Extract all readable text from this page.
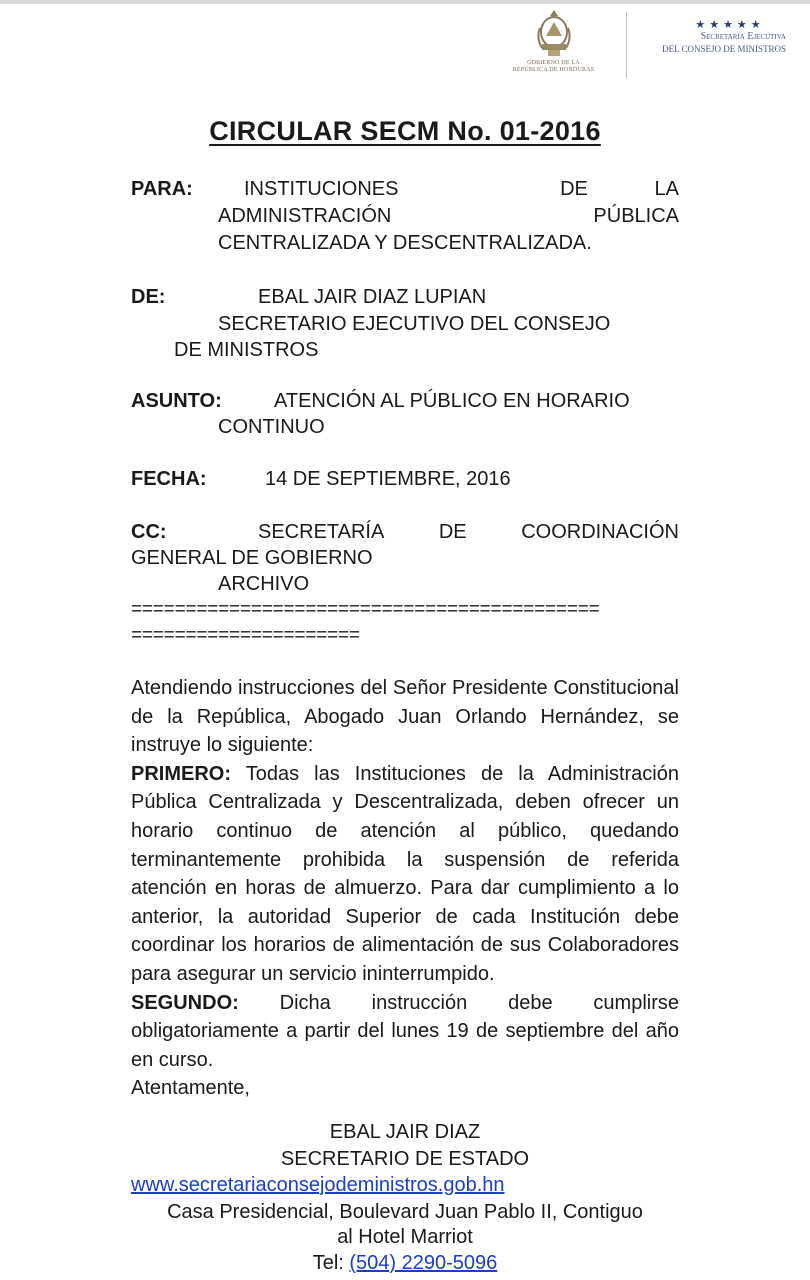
GOBIERNO DE LA
REPÚBLICA DE HONDURAS
★★★★★
Secretaría Ejecutiva
DEL CONSEJO DE MINISTROS
CIRCULAR SECM No. 01-2016
PARA:	INSTITUCIONES	DE	LA
ADMINISTRACIÓN	PÚBLICA
CENTRALIZADA Y DESCENTRALIZADA.
DE:	EBAL JAIR DIAZ LUPIAN
SECRETARIO EJECUTIVO DEL CONSEJO
DE MINISTROS
ASUNTO:	ATENCIÓN AL PÚBLICO EN HORARIO
CONTINUO
FECHA:	14 DE SEPTIEMBRE, 2016
CC:	SECRETARÍA	DE	COORDINACIÓN
GENERAL DE GOBIERNO
ARCHIVO
===========================================
=====================

Atendiendo instrucciones del Señor Presidente Constitucional de la República, Abogado Juan Orlando Hernández, se instruye lo siguiente:

PRIMERO: Todas las Instituciones de la Administración Pública Centralizada y Descentralizada, deben ofrecer un horario continuo de atención al público, quedando terminantemente prohibida la suspensión de referida atención en horas de almuerzo. Para dar cumplimiento a lo anterior, la autoridad Superior de cada Institución debe coordinar los horarios de alimentación de sus Colaboradores para asegurar un servicio ininterrumpido.

SEGUNDO: Dicha instrucción debe cumplirse obligatoriamente a partir del lunes 19 de septiembre del año en curso.

Atentamente,

EBAL JAIR DIAZ
SECRETARIO DE ESTADO
www.secretariaconsejodeministros.gob.hn
Casa Presidencial, Boulevard Juan Pablo II, Contiguo
al Hotel Marriot
Tel: (504) 2290-5096
